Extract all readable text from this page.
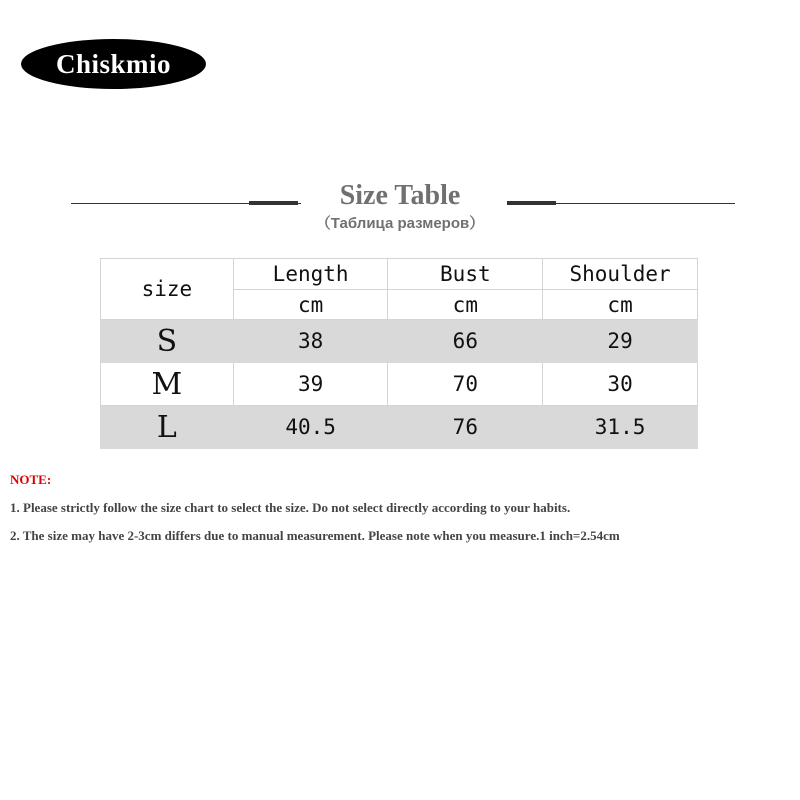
Chiskmio
TM
Size Table
（Таблица размеров）
size	Length	Bust	Shoulder
	cm	cm	cm
S	38	66	29
M	39	70	30
L	40.5	76	31.5
NOTE:
1. Please strictly follow the size chart to select the size. Do not select directly according to your habits.
2. The size may have 2-3cm differs due to manual measurement. Please note when you measure.1 inch=2.54cm
